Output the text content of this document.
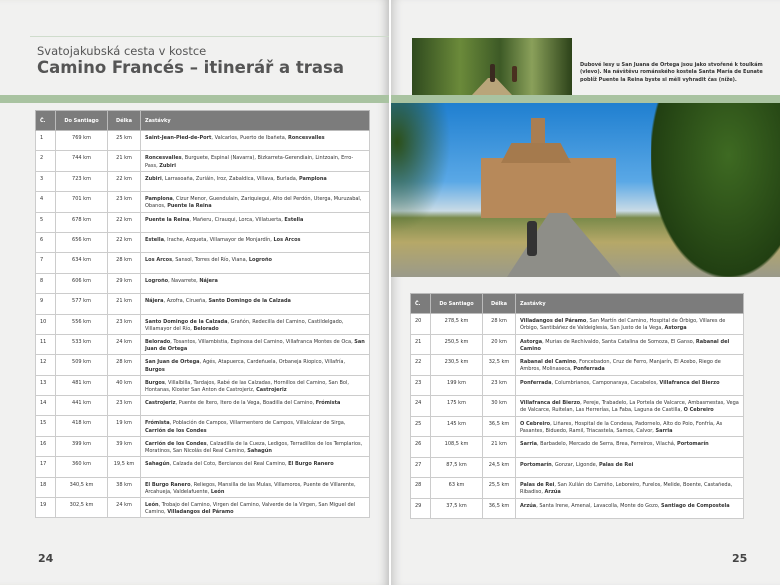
Svatojakubská cesta v kostce
Camino Francés – itinerář a trasa
Č.	Do Santiago	Délka	Zastávky
1	769 km	25 km	Saint-Jean-Pied-de-Port, Valcarlos, Puerto de Ibañeta, Roncesvalles
2	744 km	21 km	Roncesvalles, Burguete, Espinal (Navarra), Bizkarreta-Gerendiain, Lintzoain, Erro-Pass, Zubiri
3	723 km	22 km	Zubiri, Larrasoaña, Zuriáin, Iroz, Zabaldica, Villava, Burlada, Pamplona
4	701 km	23 km	Pamplona, Cizur Menor, Guendulain, Zariquiegui, Alto del Perdón, Uterga, Muruzabal, Obanos, Puente la Reina
5	678 km	22 km	Puente la Reina, Mañeru, Cirauqui, Lorca, Villatuerta, Estella
6	656 km	22 km	Estella, Irache, Azqueta, Villamayor de Monjardín, Los Arcos
7	634 km	28 km	Los Arcos, Sansol, Torres del Río, Viana, Logroño
8	606 km	29 km	Logroño, Navarrete, Nájera
9	577 km	21 km	Nájera, Azofra, Cirueña, Santo Domingo de la Calzada
10	556 km	23 km	Santo Domingo de la Calzada, Grañón, Redecilla del Camino, Castildelgado, Villamayor del Río, Belorado
11	533 km	24 km	Belorado, Tosantos, Villambistia, Espinosa del Camino, Villafranca Montes de Oca, San Juan de Ortega
12	509 km	28 km	San Juan de Ortega, Agés, Atapuerca, Cardeñuela, Orbaneja Riopico, Villafría, Burgos
13	481 km	40 km	Burgos, Villalbilla, Tardajos, Rabé de las Calzadas, Hornillos del Camino, San Bol, Hontanas, Kloster San Anton de Castrojeriz, Castrojeriz
14	441 km	23 km	Castrojeriz, Puente de Itero, Itero de la Vega, Boadilla del Camino, Frómista
15	418 km	19 km	Frómista, Población de Campos, Villarmentero de Campos, Villalcázar de Sirga, Carrión de los Condes
16	399 km	39 km	Carrión de los Condes, Calzadilla de la Cueza, Ledigos, Terradillos de los Templarios, Moratinos, San Nicolás del Real Camino, Sahagún
17	360 km	19,5 km	Sahagún, Calzada del Coto, Bercianos del Real Camino, El Burgo Ranero
18	340,5 km	38 km	El Burgo Ranero, Reliegos, Mansilla de las Mulas, Villamoros, Puente de Villarente, Arcahueja, Valdelafuente, León
19	302,5 km	24 km	León, Trobajo del Camino, Virgen del Camino, Valverde de la Virgen, San Miguel del Camino, Villadangos del Páramo
24
Dubové lesy u San Juana de Ortega jsou jako stvořené k toulkám (vlevo). Na návštěvu románského kostela Santa María de Eunate poblíž Puente la Reina byste si měli vyhradit čas (níže).
Č.	Do Santiago	Délka	Zastávky
20	278,5 km	28 km	Villadangos del Páramo, San Martín del Camino, Hospital de Órbigo, Villares de Órbigo, Santibáñez de Valdeiglesia, San Justo de la Vega, Astorga
21	250,5 km	20 km	Astorga, Murias de Rechivaldo, Santa Catalina de Somoza, El Ganso, Rabanal del Camino
22	230,5 km	32,5 km	Rabanal del Camino, Foncebadon, Cruz de Ferro, Manjarín, El Acebo, Riego de Ambros, Molinaseca, Ponferrada
23	199 km	23 km	Ponferrada, Columbrianos, Camponaraya, Cacabelos, Villafranca del Bierzo
24	175 km	30 km	Villafranca del Bierzo, Pereje, Trabadelo, La Portela de Valcarce, Ambasmestas, Vega de Valcarce, Ruitelan, Las Herrerías, La Faba, Laguna de Castilla, O Cebreiro
25	145 km	36,5 km	O Cebreiro, Liñares, Hospital de la Condesa, Padornelo, Alto do Poio, Fonfría, As Pasantes, Biduedo, Ramil, Triacastela, Samos, Calvor, Sarria
26	108,5 km	21 km	Sarria, Barbadelo, Mercado de Serra, Brea, Ferreiros, Vilachá, Portomarín
27	87,5 km	24,5 km	Portomarín, Gonzar, Ligonde, Palas de Rei
28	63 km	25,5 km	Palas de Rei, San Xulián do Camiño, Leboreiro, Furelos, Melide, Boente, Castañeda, Ribadiso, Arzúa
29	37,5 km	36,5 km	Arzúa, Santa Irene, Amenal, Lavacolla, Monte do Gozo, Santiago de Compostela
25
